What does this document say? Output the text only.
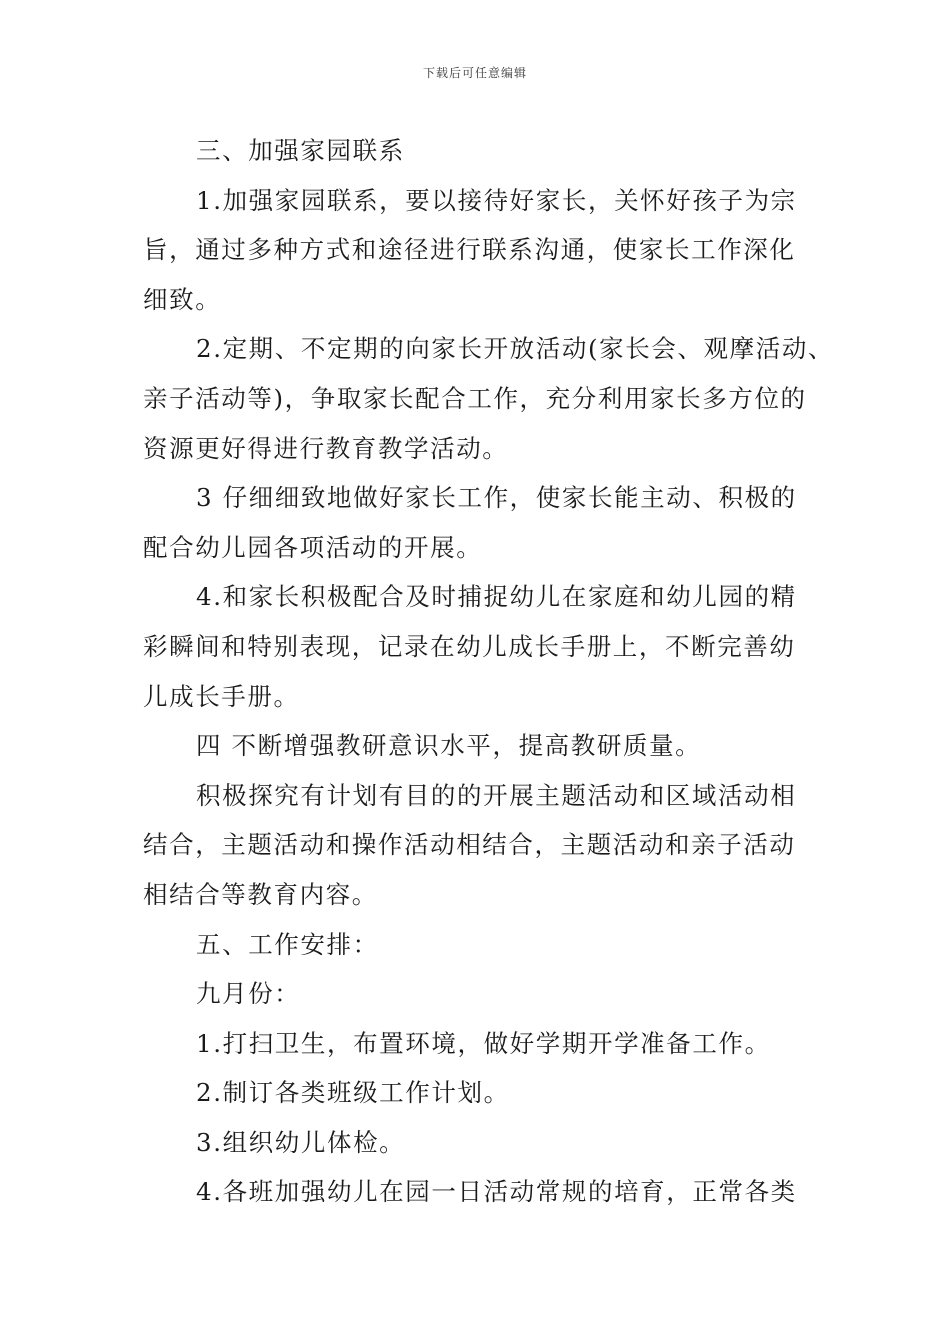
下载后可任意编辑
三、加强家园联系
1.加强家园联系，要以接待好家长，关怀好孩子为宗
旨，通过多种方式和途径进行联系沟通，使家长工作深化
细致。
2.定期、不定期的向家长开放活动(家长会、观摩活动、
亲子活动等)，争取家长配合工作，充分利用家长多方位的
资源更好得进行教育教学活动。
3 仔细细致地做好家长工作，使家长能主动、积极的
配合幼儿园各项活动的开展。
4.和家长积极配合及时捕捉幼儿在家庭和幼儿园的精
彩瞬间和特别表现，记录在幼儿成长手册上，不断完善幼
儿成长手册。
四 不断增强教研意识水平，提高教研质量。
积极探究有计划有目的的开展主题活动和区域活动相
结合，主题活动和操作活动相结合，主题活动和亲子活动
相结合等教育内容。
五、工作安排：
九月份：
1.打扫卫生，布置环境，做好学期开学准备工作。
2.制订各类班级工作计划。
3.组织幼儿体检。
4.各班加强幼儿在园一日活动常规的培育，正常各类
